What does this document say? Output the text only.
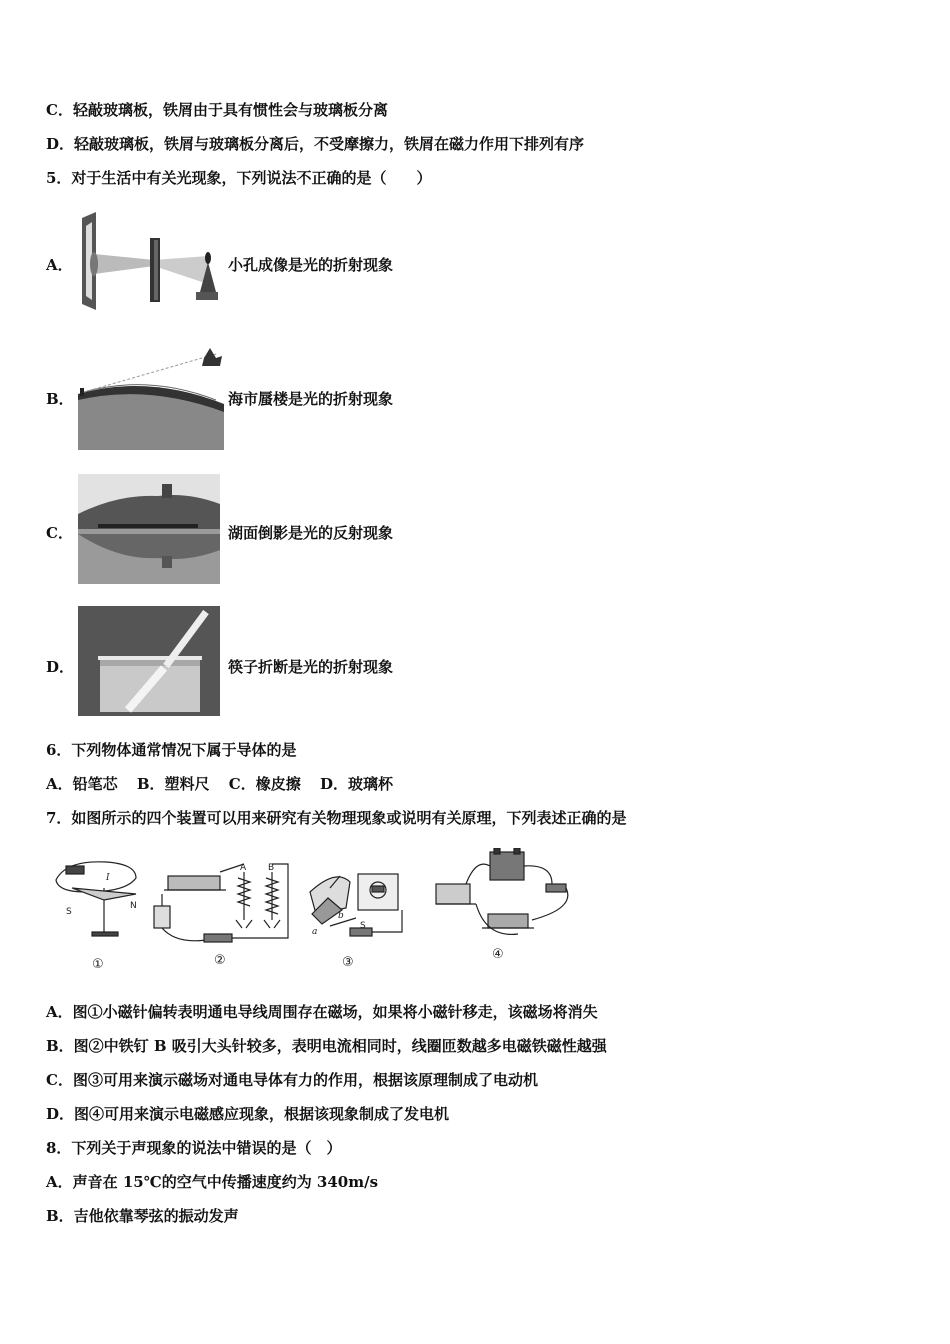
C．轻敲玻璃板，铁屑由于具有惯性会与玻璃板分离
D．轻敲玻璃板，铁屑与玻璃板分离后，不受摩擦力，铁屑在磁力作用下排列有序
5．对于生活中有关光现象，下列说法不正确的是（　　）
A．	小孔成像是光的折射现象
B．	海市蜃楼是光的折射现象
C．	湖面倒影是光的反射现象
D．	筷子折断是光的折射现象
6．下列物体通常情况下属于导体的是
A．铅笔芯 B．塑料尺 C．橡皮擦 D．玻璃杯
7．如图所示的四个装置可以用来研究有关物理现象或说明有关原理，下列表述正确的是
S
N
I
A B
S
a
b
①	②	③
④
A．图①小磁针偏转表明通电导线周围存在磁场，如果将小磁针移走，该磁场将消失
B．图②中铁钉 B 吸引大头针较多，表明电流相同时，线圈匝数越多电磁铁磁性越强
C．图③可用来演示磁场对通电导体有力的作用，根据该原理制成了电动机
D．图④可用来演示电磁感应现象，根据该现象制成了发电机
8．下列关于声现象的说法中错误的是（　）
A．声音在 15℃的空气中传播速度约为 340m/s
B．吉他依靠琴弦的振动发声
